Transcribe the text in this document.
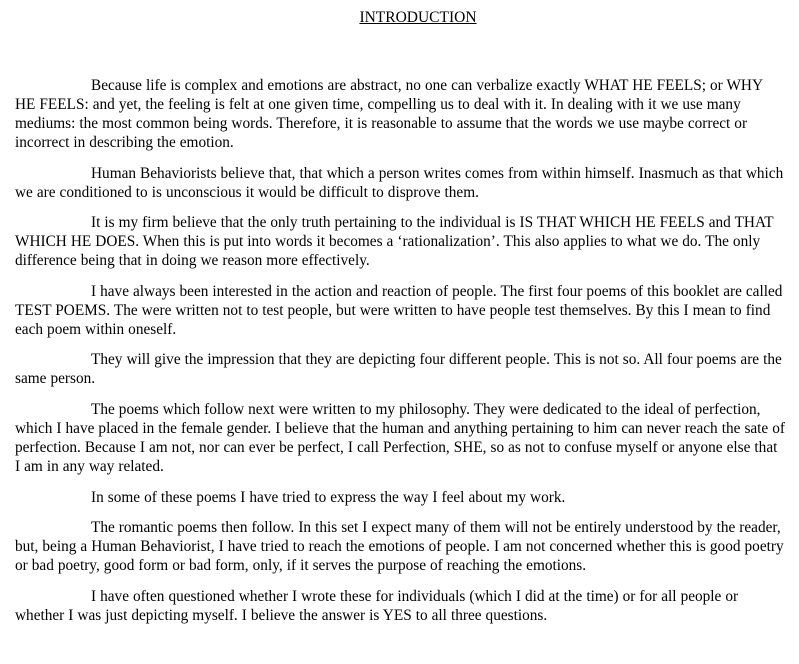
INTRODUCTION

Because life is complex and emotions are abstract, no one can verbalize exactly WHAT HE FEELS; or WHY HE FEELS: and yet, the feeling is felt at one given time, compelling us to deal with it. In dealing with it we use many mediums: the most common being words. Therefore, it is reasonable to assume that the words we use maybe correct or incorrect in describing the emotion.

Human Behaviorists believe that, that which a person writes comes from within himself. Inasmuch as that which we are conditioned to is unconscious it would be difficult to disprove them.

It is my firm believe that the only truth pertaining to the individual is IS THAT WHICH HE FEELS and THAT WHICH HE DOES. When this is put into words it becomes a ‘rationalization’. This also applies to what we do. The only difference being that in doing we reason more effectively.

I have always been interested in the action and reaction of people. The first four poems of this booklet are called TEST POEMS. The were written not to test people, but were written to have people test themselves. By this I mean to find each poem within oneself.

They will give the impression that they are depicting four different people. This is not so. All four poems are the same person.

The poems which follow next were written to my philosophy. They were dedicated to the ideal of perfection, which I have placed in the female gender. I believe that the human and anything pertaining to him can never reach the sate of perfection. Because I am not, nor can ever be perfect, I call Perfection, SHE, so as not to confuse myself or anyone else that I am in any way related.

In some of these poems I have tried to express the way I feel about my work.

The romantic poems then follow. In this set I expect many of them will not be entirely understood by the reader, but, being a Human Behaviorist, I have tried to reach the emotions of people. I am not concerned whether this is good poetry or bad poetry, good form or bad form, only, if it serves the purpose of reaching the emotions.

I have often questioned whether I wrote these for individuals (which I did at the time) or for all people or whether I was just depicting myself. I believe the answer is YES to all three questions.
